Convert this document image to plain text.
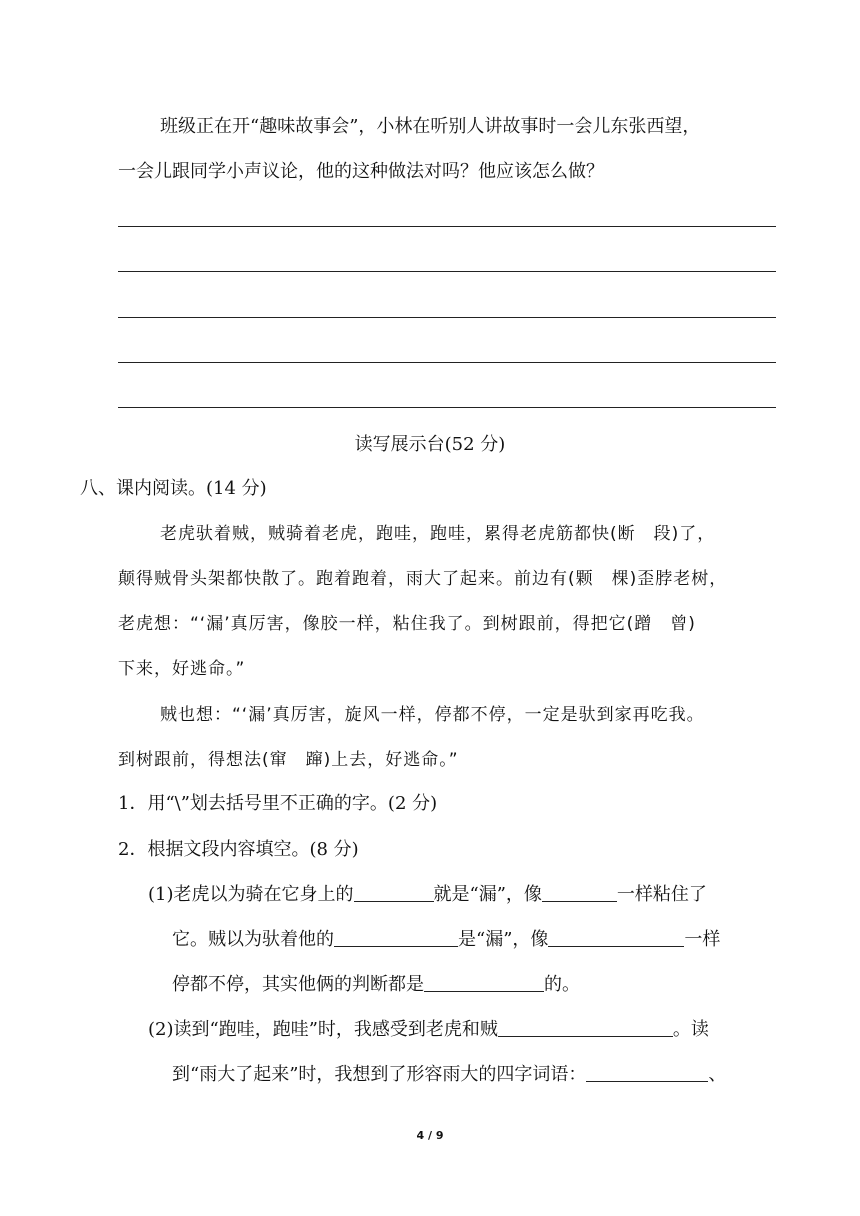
班级正在开“趣味故事会”，小林在听别人讲故事时一会儿东张西望，
一会儿跟同学小声议论，他的这种做法对吗？他应该怎么做？
读写展示台(52 分)
八、课内阅读。(14 分)
老虎驮着贼，贼骑着老虎，跑哇，跑哇，累得老虎筋都快(断 段)了，
颠得贼骨头架都快散了。跑着跑着，雨大了起来。前边有(颗 棵)歪脖老树，
老虎想：“‘漏’真厉害，像胶一样，粘住我了。到树跟前，得把它(蹭 曾)
下来，好逃命。”
贼也想：“‘漏’真厉害，旋风一样，停都不停，一定是驮到家再吃我。
到树跟前，得想法(窜 蹿)上去，好逃命。”
1．用“\”划去括号里不正确的字。(2 分)
2．根据文段内容填空。(8 分)
(1)老虎以为骑在它身上的	就是“漏”，像	一样粘住了
它。贼以为驮着他的	是“漏”，像	一样
停都不停，其实他俩的判断都是	的。
(2)读到“跑哇，跑哇”时，我感受到老虎和贼	。读
到“雨大了起来”时，我想到了形容雨大的四字词语：	、
4 / 9
